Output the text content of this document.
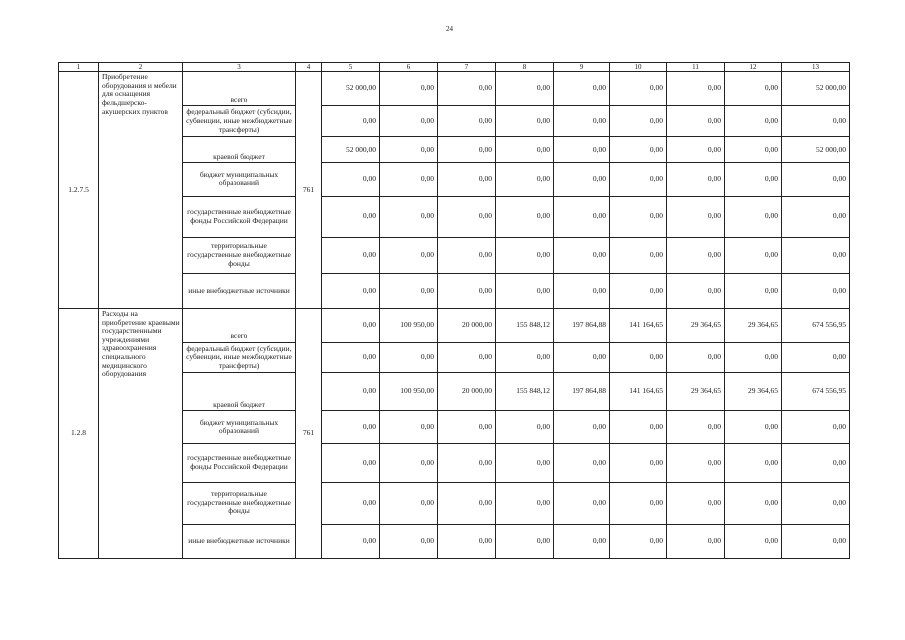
24
1	2	3	4	5	6	7	8	9	10	11	12	13
1.2.7.5	Приобретение оборудования и мебели для оснащения фельдшерско-акушерских пунктов	всего	761	52 000,00	0,00	0,00	0,00	0,00	0,00	0,00	0,00	52 000,00
		федеральный бюджет (субсидии, субвенции, иные межбюджетные трансферты)		0,00	0,00	0,00	0,00	0,00	0,00	0,00	0,00	0,00
		краевой бюджет		52 000,00	0,00	0,00	0,00	0,00	0,00	0,00	0,00	52 000,00
		бюджет муниципальных образований		0,00	0,00	0,00	0,00	0,00	0,00	0,00	0,00	0,00
		государственные внебюджетные фонды Российской Федерации		0,00	0,00	0,00	0,00	0,00	0,00	0,00	0,00	0,00
		территориальные государственные внебюджетные фонды		0,00	0,00	0,00	0,00	0,00	0,00	0,00	0,00	0,00
		иные внебюджетные источники		0,00	0,00	0,00	0,00	0,00	0,00	0,00	0,00	0,00
1.2.8	Расходы на приобретение краевыми государственными учреждениями здравоохранения специального медицинского оборудования	всего	761	0,00	100 950,00	20 000,00	155 848,12	197 864,88	141 164,65	29 364,65	29 364,65	674 556,95
		федеральный бюджет (субсидии, субвенции, иные межбюджетные трансферты)		0,00	0,00	0,00	0,00	0,00	0,00	0,00	0,00	0,00
		краевой бюджет		0,00	100 950,00	20 000,00	155 848,12	197 864,88	141 164,65	29 364,65	29 364,65	674 556,95
		бюджет муниципальных образований		0,00	0,00	0,00	0,00	0,00	0,00	0,00	0,00	0,00
		государственные внебюджетные фонды Российской Федерации		0,00	0,00	0,00	0,00	0,00	0,00	0,00	0,00	0,00
		территориальные государственные внебюджетные фонды		0,00	0,00	0,00	0,00	0,00	0,00	0,00	0,00	0,00
		иные внебюджетные источники		0,00	0,00	0,00	0,00	0,00	0,00	0,00	0,00	0,00
